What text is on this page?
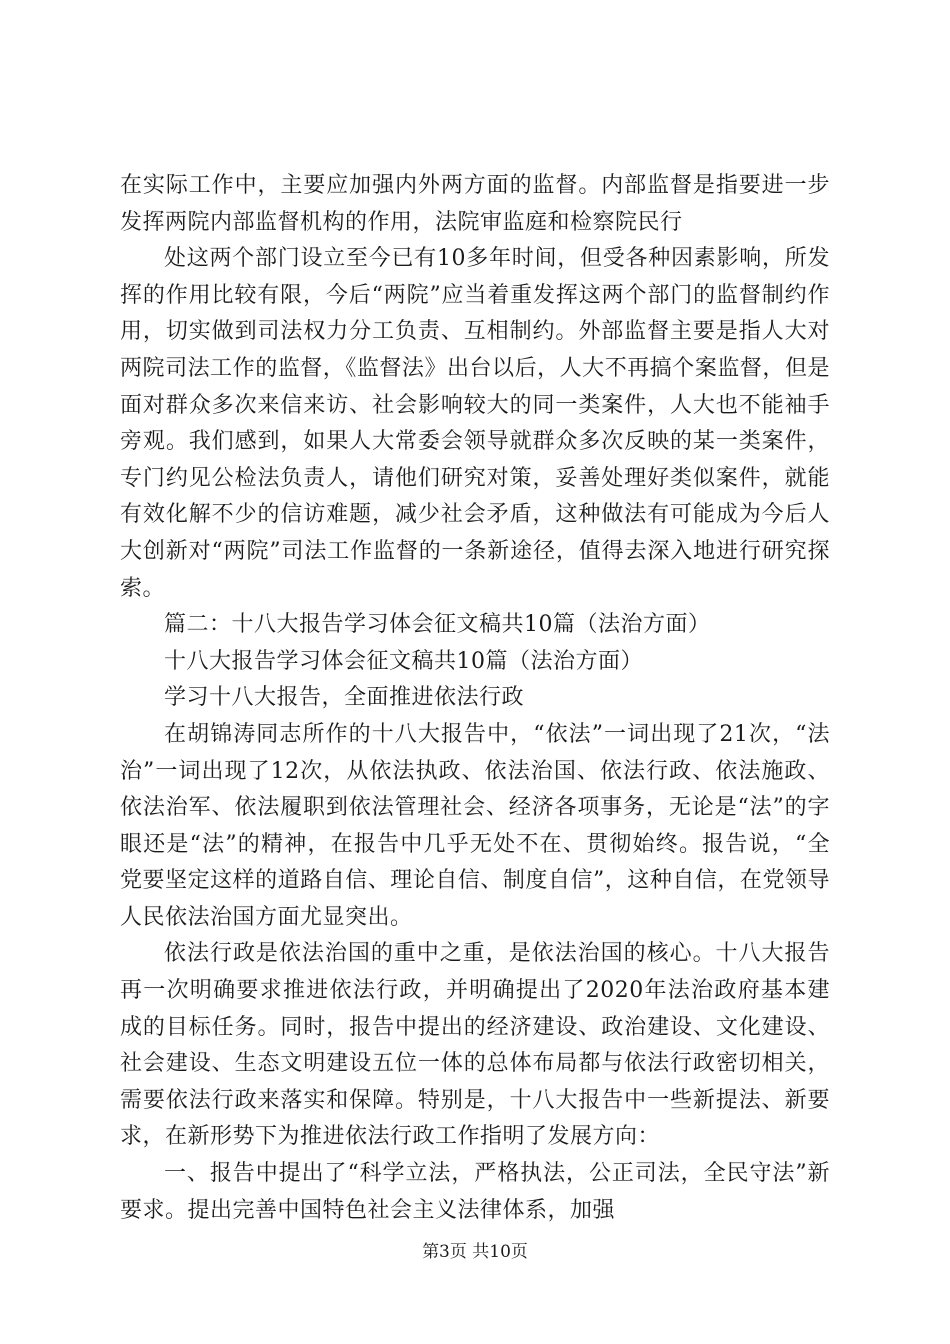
在实际工作中，主要应加强内外两方面的监督。内部监督是指要进一步发挥两院内部监督机构的作用，法院审监庭和检察院民行

处这两个部门设立至今已有10多年时间，但受各种因素影响，所发挥的作用比较有限，今后“两院”应当着重发挥这两个部门的监督制约作用，切实做到司法权力分工负责、互相制约。外部监督主要是指人大对两院司法工作的监督，《监督法》出台以后，人大不再搞个案监督，但是面对群众多次来信来访、社会影响较大的同一类案件，人大也不能袖手旁观。我们感到，如果人大常委会领导就群众多次反映的某一类案件，专门约见公检法负责人，请他们研究对策，妥善处理好类似案件，就能有效化解不少的信访难题，减少社会矛盾，这种做法有可能成为今后人大创新对“两院”司法工作监督的一条新途径，值得去深入地进行研究探索。

篇二：十八大报告学习体会征文稿共10篇（法治方面）

十八大报告学习体会征文稿共10篇（法治方面）

学习十八大报告，全面推进依法行政

在胡锦涛同志所作的十八大报告中，“依法”一词出现了21次，“法治”一词出现了12次，从依法执政、依法治国、依法行政、依法施政、依法治军、依法履职到依法管理社会、经济各项事务，无论是“法”的字眼还是“法”的精神，在报告中几乎无处不在、贯彻始终。报告说，“全党要坚定这样的道路自信、理论自信、制度自信”，这种自信，在党领导人民依法治国方面尤显突出。

依法行政是依法治国的重中之重，是依法治国的核心。十八大报告再一次明确要求推进依法行政，并明确提出了2020年法治政府基本建成的目标任务。同时，报告中提出的经济建设、政治建设、文化建设、社会建设、生态文明建设五位一体的总体布局都与依法行政密切相关，需要依法行政来落实和保障。特别是，十八大报告中一些新提法、新要求，在新形势下为推进依法行政工作指明了发展方向：

一、报告中提出了“科学立法，严格执法，公正司法，全民守法”新要求。提出完善中国特色社会主义法律体系，加强

第3页 共10页
